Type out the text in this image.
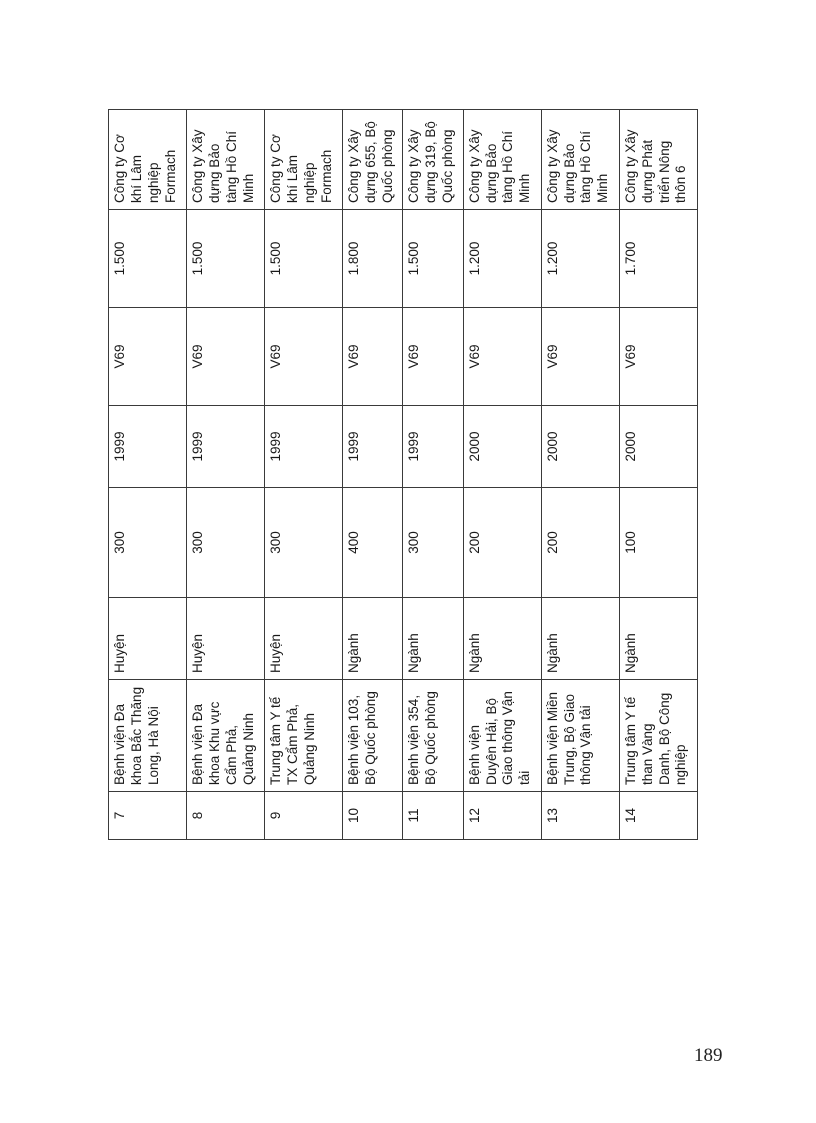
7	Bệnh viện Đa khoa Bắc Thăng Long, Hà Nội	Huyện	300	1999	V69	1.500	Công ty Cơ khí Lâm nghiệp Formach
8	Bệnh viện Đa khoa Khu vực Cẩm Phả, Quảng Ninh	Huyện	300	1999	V69	1.500	Công ty Xây dựng Bảo tàng Hồ Chí Minh
9	Trung tâm Y tế TX Cẩm Phả, Quảng Ninh	Huyện	300	1999	V69	1.500	Công ty Cơ khí Lâm nghiệp Formach
10	Bệnh viện 103, Bộ Quốc phòng	Ngành	400	1999	V69	1.800	Công ty Xây dựng 655, Bộ Quốc phòng
11	Bệnh viện 354, Bộ Quốc phòng	Ngành	300	1999	V69	1.500	Công ty Xây dựng 319, Bộ Quốc phòng
12	Bệnh viện Duyên Hải, Bộ Giao thông Vận tải	Ngành	200	2000	V69	1.200	Công ty Xây dựng Bảo tàng Hồ Chí Minh
13	Bệnh viện Miền Trung, Bộ Giao thông Vận tải	Ngành	200	2000	V69	1.200	Công ty Xây dựng Bảo tàng Hồ Chí Minh
14	Trung tâm Y tế than Vàng Danh, Bộ Công nghiệp	Ngành	100	2000	V69	1.700	Công ty Xây dựng Phát triển Nông thôn 6
189
